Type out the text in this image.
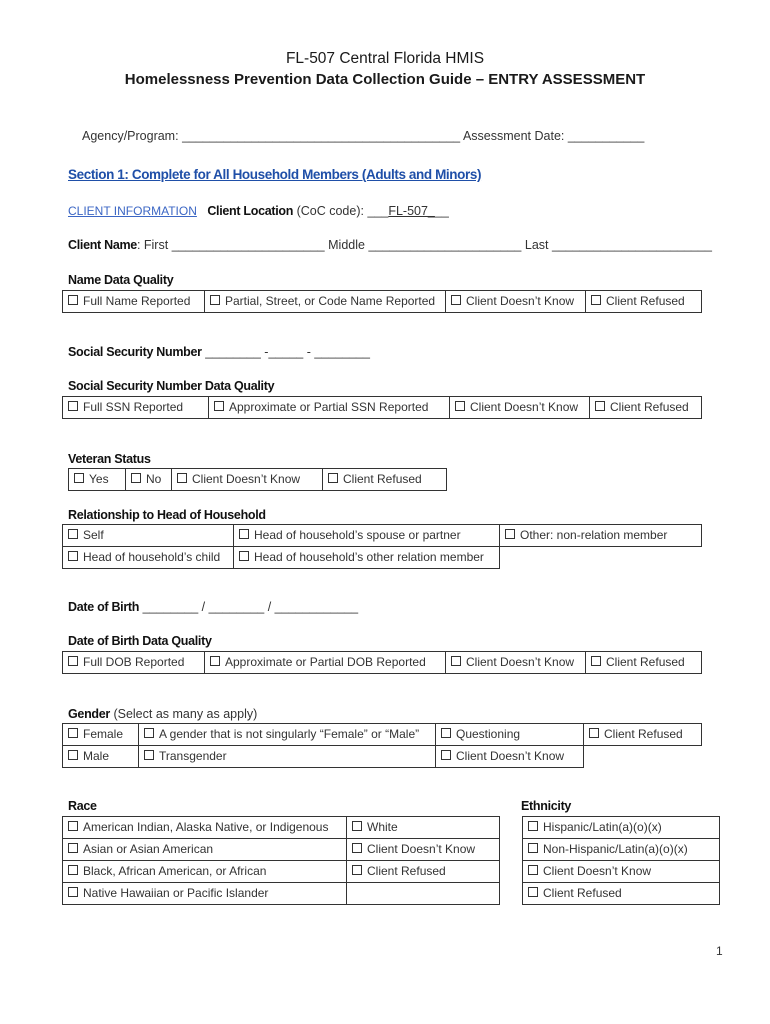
FL-507 Central Florida HMIS
Homelessness Prevention Data Collection Guide – ENTRY ASSESSMENT
Agency/Program: ________________________________________ Assessment Date: ___________
Section 1: Complete for All Household Members (Adults and Minors)
CLIENT INFORMATION Client Location (CoC code): ___FL-507___
Client Name: First ______________________ Middle ______________________ Last _______________________
Name Data Quality
Full Name Reported	Partial, Street, or Code Name Reported	Client Doesn’t Know	Client Refused
Social Security Number ________ -_____ - ________
Social Security Number Data Quality
Full SSN Reported	Approximate or Partial SSN Reported	Client Doesn’t Know	Client Refused
Veteran Status
Yes	No	Client Doesn’t Know	Client Refused
Relationship to Head of Household
Self	Head of household’s spouse or partner	Other: non-relation member
Head of household’s child	Head of household’s other relation member	
Date of Birth ________ / ________ / ____________
Date of Birth Data Quality
Full DOB Reported	Approximate or Partial DOB Reported	Client Doesn’t Know	Client Refused
Gender (Select as many as apply)
Female	A gender that is not singularly “Female” or “Male”	Questioning	Client Refused
Male	Transgender	Client Doesn’t Know	
Race
American Indian, Alaska Native, or Indigenous	White
Asian or Asian American	Client Doesn’t Know
Black, African American, or African	Client Refused
Native Hawaiian or Pacific Islander	
Ethnicity
Hispanic/Latin(a)(o)(x)
Non-Hispanic/Latin(a)(o)(x)
Client Doesn’t Know
Client Refused
1
